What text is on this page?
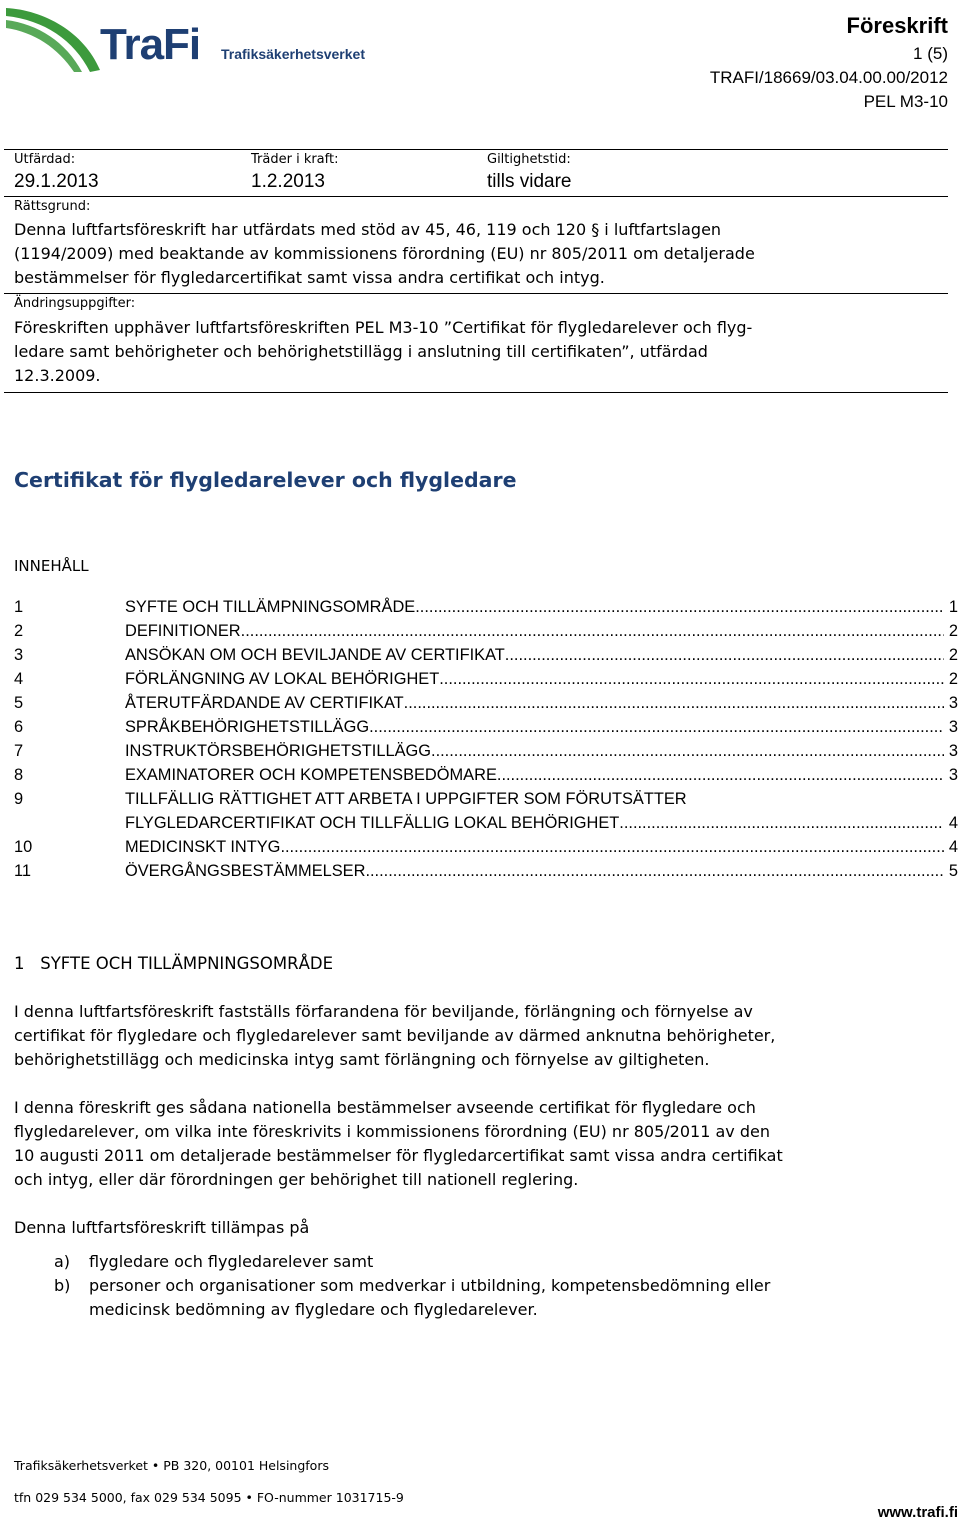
TraFi Trafiksäkerhetsverket
Föreskrift
1 (5)
TRAFI/18669/03.04.00.00/2012
PEL M3-10
Utfärdad:
29.1.2013
Träder i kraft:
1.2.2013
Giltighetstid:
tills vidare
Rättsgrund:
Denna luftfartsföreskrift har utfärdats med stöd av 45, 46, 119 och 120 § i luftfartslagen
(1194/2009) med beaktande av kommissionens förordning (EU) nr 805/2011 om detaljerade
bestämmelser för flygledarcertifikat samt vissa andra certifikat och intyg.
Ändringsuppgifter:
Föreskriften upphäver luftfartsföreskriften PEL M3-10 ”Certifikat för flygledarelever och flyg-
ledare samt behörigheter och behörighetstillägg i anslutning till certifikaten”, utfärdad
12.3.2009.
Certifikat för flygledarelever och flygledare
INNEHÅLL
1	SYFTE OCH TILLÄMPNINGSOMRÅDE .....	1
2	DEFINITIONER .....	2
3	ANSÖKAN OM OCH BEVILJANDE AV CERTIFIKAT .....	2
4	FÖRLÄNGNING AV LOKAL BEHÖRIGHET .....	2
5	ÅTERUTFÄRDANDE AV CERTIFIKAT .....	3
6	SPRÅKBEHÖRIGHETSTILLÄGG .....	3
7	INSTRUKTÖRSBEHÖRIGHETSTILLÄGG .....	3
8	EXAMINATORER OCH KOMPETENSBEDÖMARE .....	3
9	TILLFÄLLIG RÄTTIGHET ATT ARBETA I UPPGIFTER SOM FÖRUTSÄTTER
FLYGLEDARCERTIFIKAT OCH TILLFÄLLIG LOKAL BEHÖRIGHET .....	4
10	MEDICINSKT INTYG .....	4
11	ÖVERGÅNGSBESTÄMMELSER .....	5
1   SYFTE OCH TILLÄMPNINGSOMRÅDE
I denna luftfartsföreskrift fastställs förfarandena för beviljande, förlängning och förnyelse av
certifikat för flygledare och flygledarelever samt beviljande av därmed anknutna behörigheter,
behörighetstillägg och medicinska intyg samt förlängning och förnyelse av giltigheten.
I denna föreskrift ges sådana nationella bestämmelser avseende certifikat för flygledare och
flygledarelever, om vilka inte föreskrivits i kommissionens förordning (EU) nr 805/2011 av den
10 augusti 2011 om detaljerade bestämmelser för flygledarcertifikat samt vissa andra certifikat
och intyg, eller där förordningen ger behörighet till nationell reglering.
Denna luftfartsföreskrift tillämpas på
a)	flygledare och flygledarelever samt
b)	personer och organisationer som medverkar i utbildning, kompetensbedömning eller
medicinsk bedömning av flygledare och flygledarelever.
Trafiksäkerhetsverket • PB 320, 00101 Helsingfors
tfn 029 534 5000, fax 029 534 5095 • FO-nummer 1031715-9
www.trafi.fi
